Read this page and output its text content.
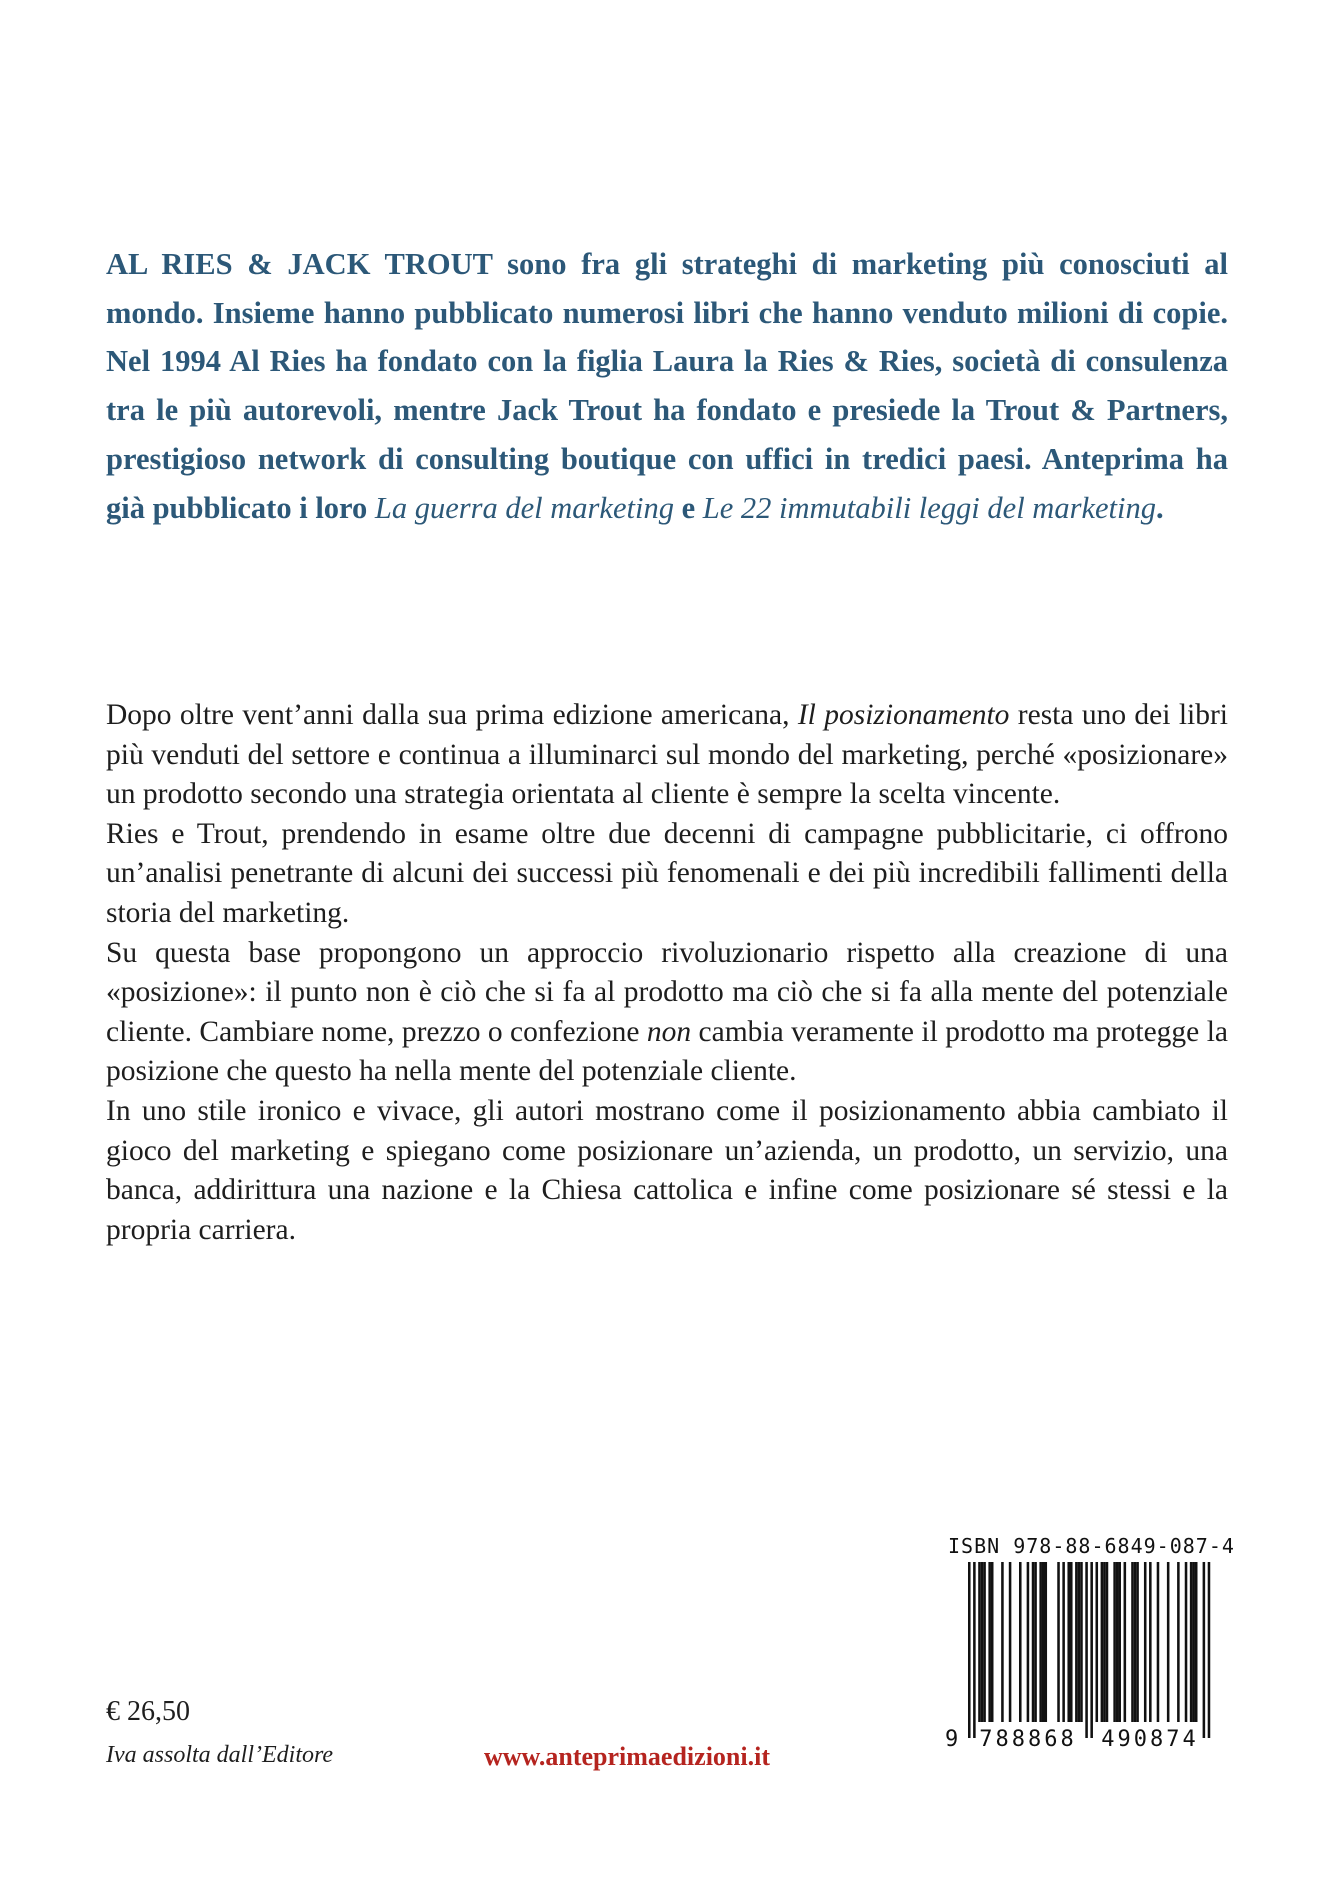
AL RIES & JACK TROUT sono fra gli strateghi di marketing più conosciuti al mondo. Insieme hanno pubblicato numerosi libri che hanno venduto milioni di copie. Nel 1994 Al Ries ha fondato con la figlia Laura la Ries & Ries, società di consulenza tra le più autorevoli, mentre Jack Trout ha fondato e presiede la Trout & Partners, prestigioso network di consulting boutique con uffici in tredici paesi. Anteprima ha già pubblicato i loro La guerra del marketing e Le 22 immutabili leggi del marketing.

Dopo oltre vent’anni dalla sua prima edizione americana, Il posizionamento resta uno dei libri più venduti del settore e continua a illuminarci sul mondo del marketing, perché «posizionare» un prodotto secondo una strategia orientata al cliente è sempre la scelta vincente.

Ries e Trout, prendendo in esame oltre due decenni di campagne pubblicitarie, ci offrono un’analisi penetrante di alcuni dei successi più fenomenali e dei più incredibili fallimenti della storia del marketing.

Su questa base propongono un approccio rivoluzionario rispetto alla creazione di una «posizione»: il punto non è ciò che si fa al prodotto ma ciò che si fa alla mente del potenziale cliente. Cambiare nome, prezzo o confezione non cambia veramente il prodotto ma protegge la posizione che questo ha nella mente del potenziale cliente.

In uno stile ironico e vivace, gli autori mostrano come il posizionamento abbia cambiato il gioco del marketing e spiegano come posizionare un’azienda, un prodotto, un servizio, una banca, addirittura una nazione e la Chiesa cattolica e infine come posizionare sé stessi e la propria carriera.

€ 26,50
Iva assolta dall’Editore	www.anteprimaedizioni.it
ISBN 978-88-6849-087-4
9 788868 490874
